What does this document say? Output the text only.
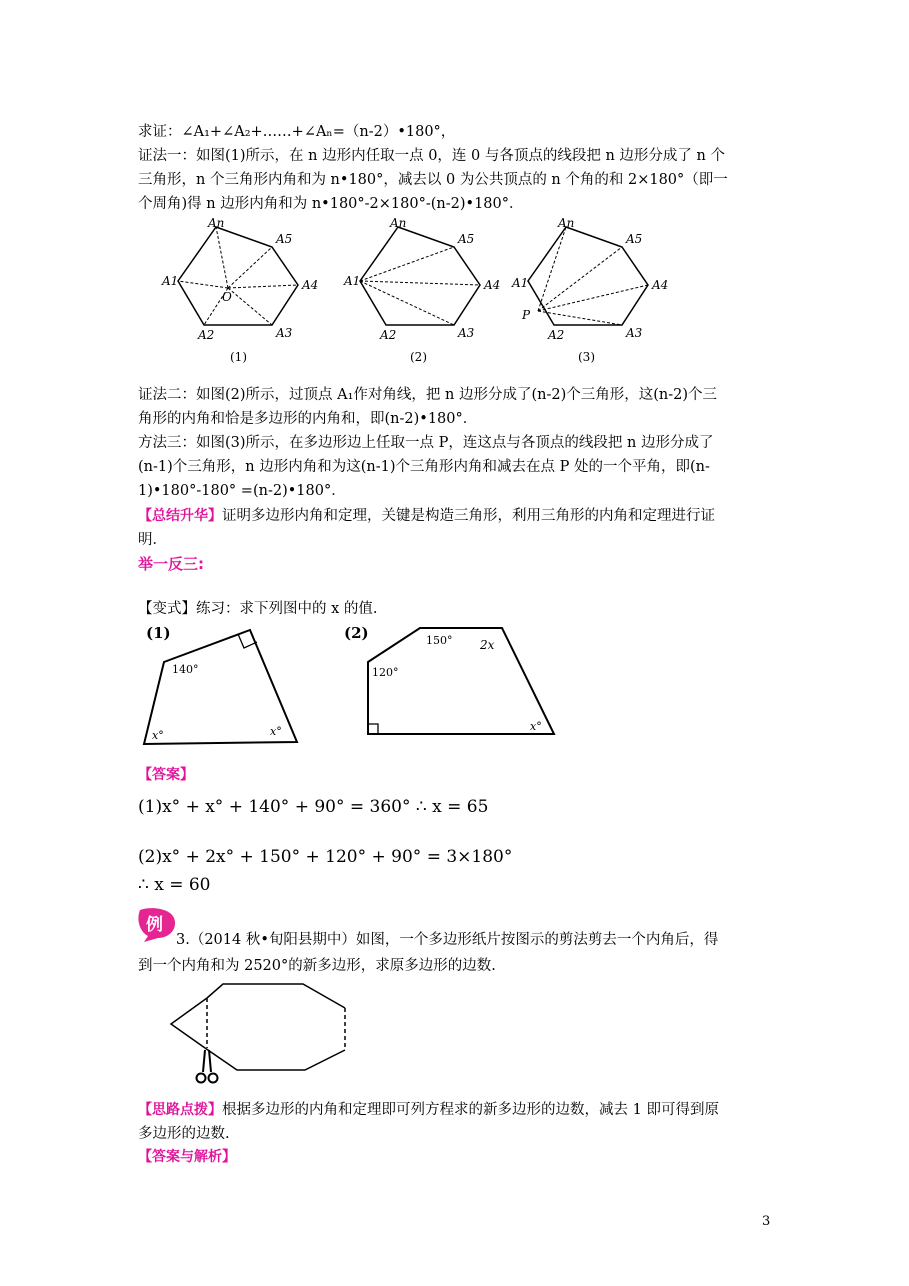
求证：∠A₁+∠A₂+……+∠Aₙ=（n-2）•180°，
证法一：如图(1)所示，在 n 边形内任取一点 0，连 0 与各顶点的线段把 n 边形分成了 n 个
三角形，n 个三角形内角和为 n•180°，减去以 0 为公共顶点的 n 个角的和 2×180°（即一
个周角)得 n 边形内角和为 n•180°-2×180°-(n-2)•180°．
An
A5
A4
A3
A2
A1
O
(1)
An
A5
A4
A3
A2
A1
(2)
An
A5
A4
A3
A2
A1
P
(3)
证法二：如图(2)所示，过顶点 A₁作对角线，把 n 边形分成了(n-2)个三角形，这(n-2)个三
角形的内角和恰是多边形的内角和，即(n-2)•180°．
方法三：如图(3)所示，在多边形边上任取一点 P，连这点与各顶点的线段把 n 边形分成了
(n-1)个三角形，n 边形内角和为这(n-1)个三角形内角和减去在点 P 处的一个平角，即(n-
1)•180°-180° =(n-2)•180°．
【总结升华】证明多边形内角和定理，关键是构造三角形，利用三角形的内角和定理进行证
明．
举一反三:
【变式】练习：求下列图中的 x 的值.
(1)
140°
x°	x°
(2)	150° 2x
120°
x°
【答案】
(1)x° + x° + 140° + 90° = 360° ∴ x = 65
(2)x° + 2x° + 150° + 120° + 90° = 3×180°
∴ x = 60
例
3.（2014 秋•旬阳县期中）如图，一个多边形纸片按图示的剪法剪去一个内角后，得
到一个内角和为 2520°的新多边形，求原多边形的边数.
【思路点拨】根据多边形的内角和定理即可列方程求的新多边形的边数，减去 1 即可得到原
多边形的边数.
【答案与解析】
3
